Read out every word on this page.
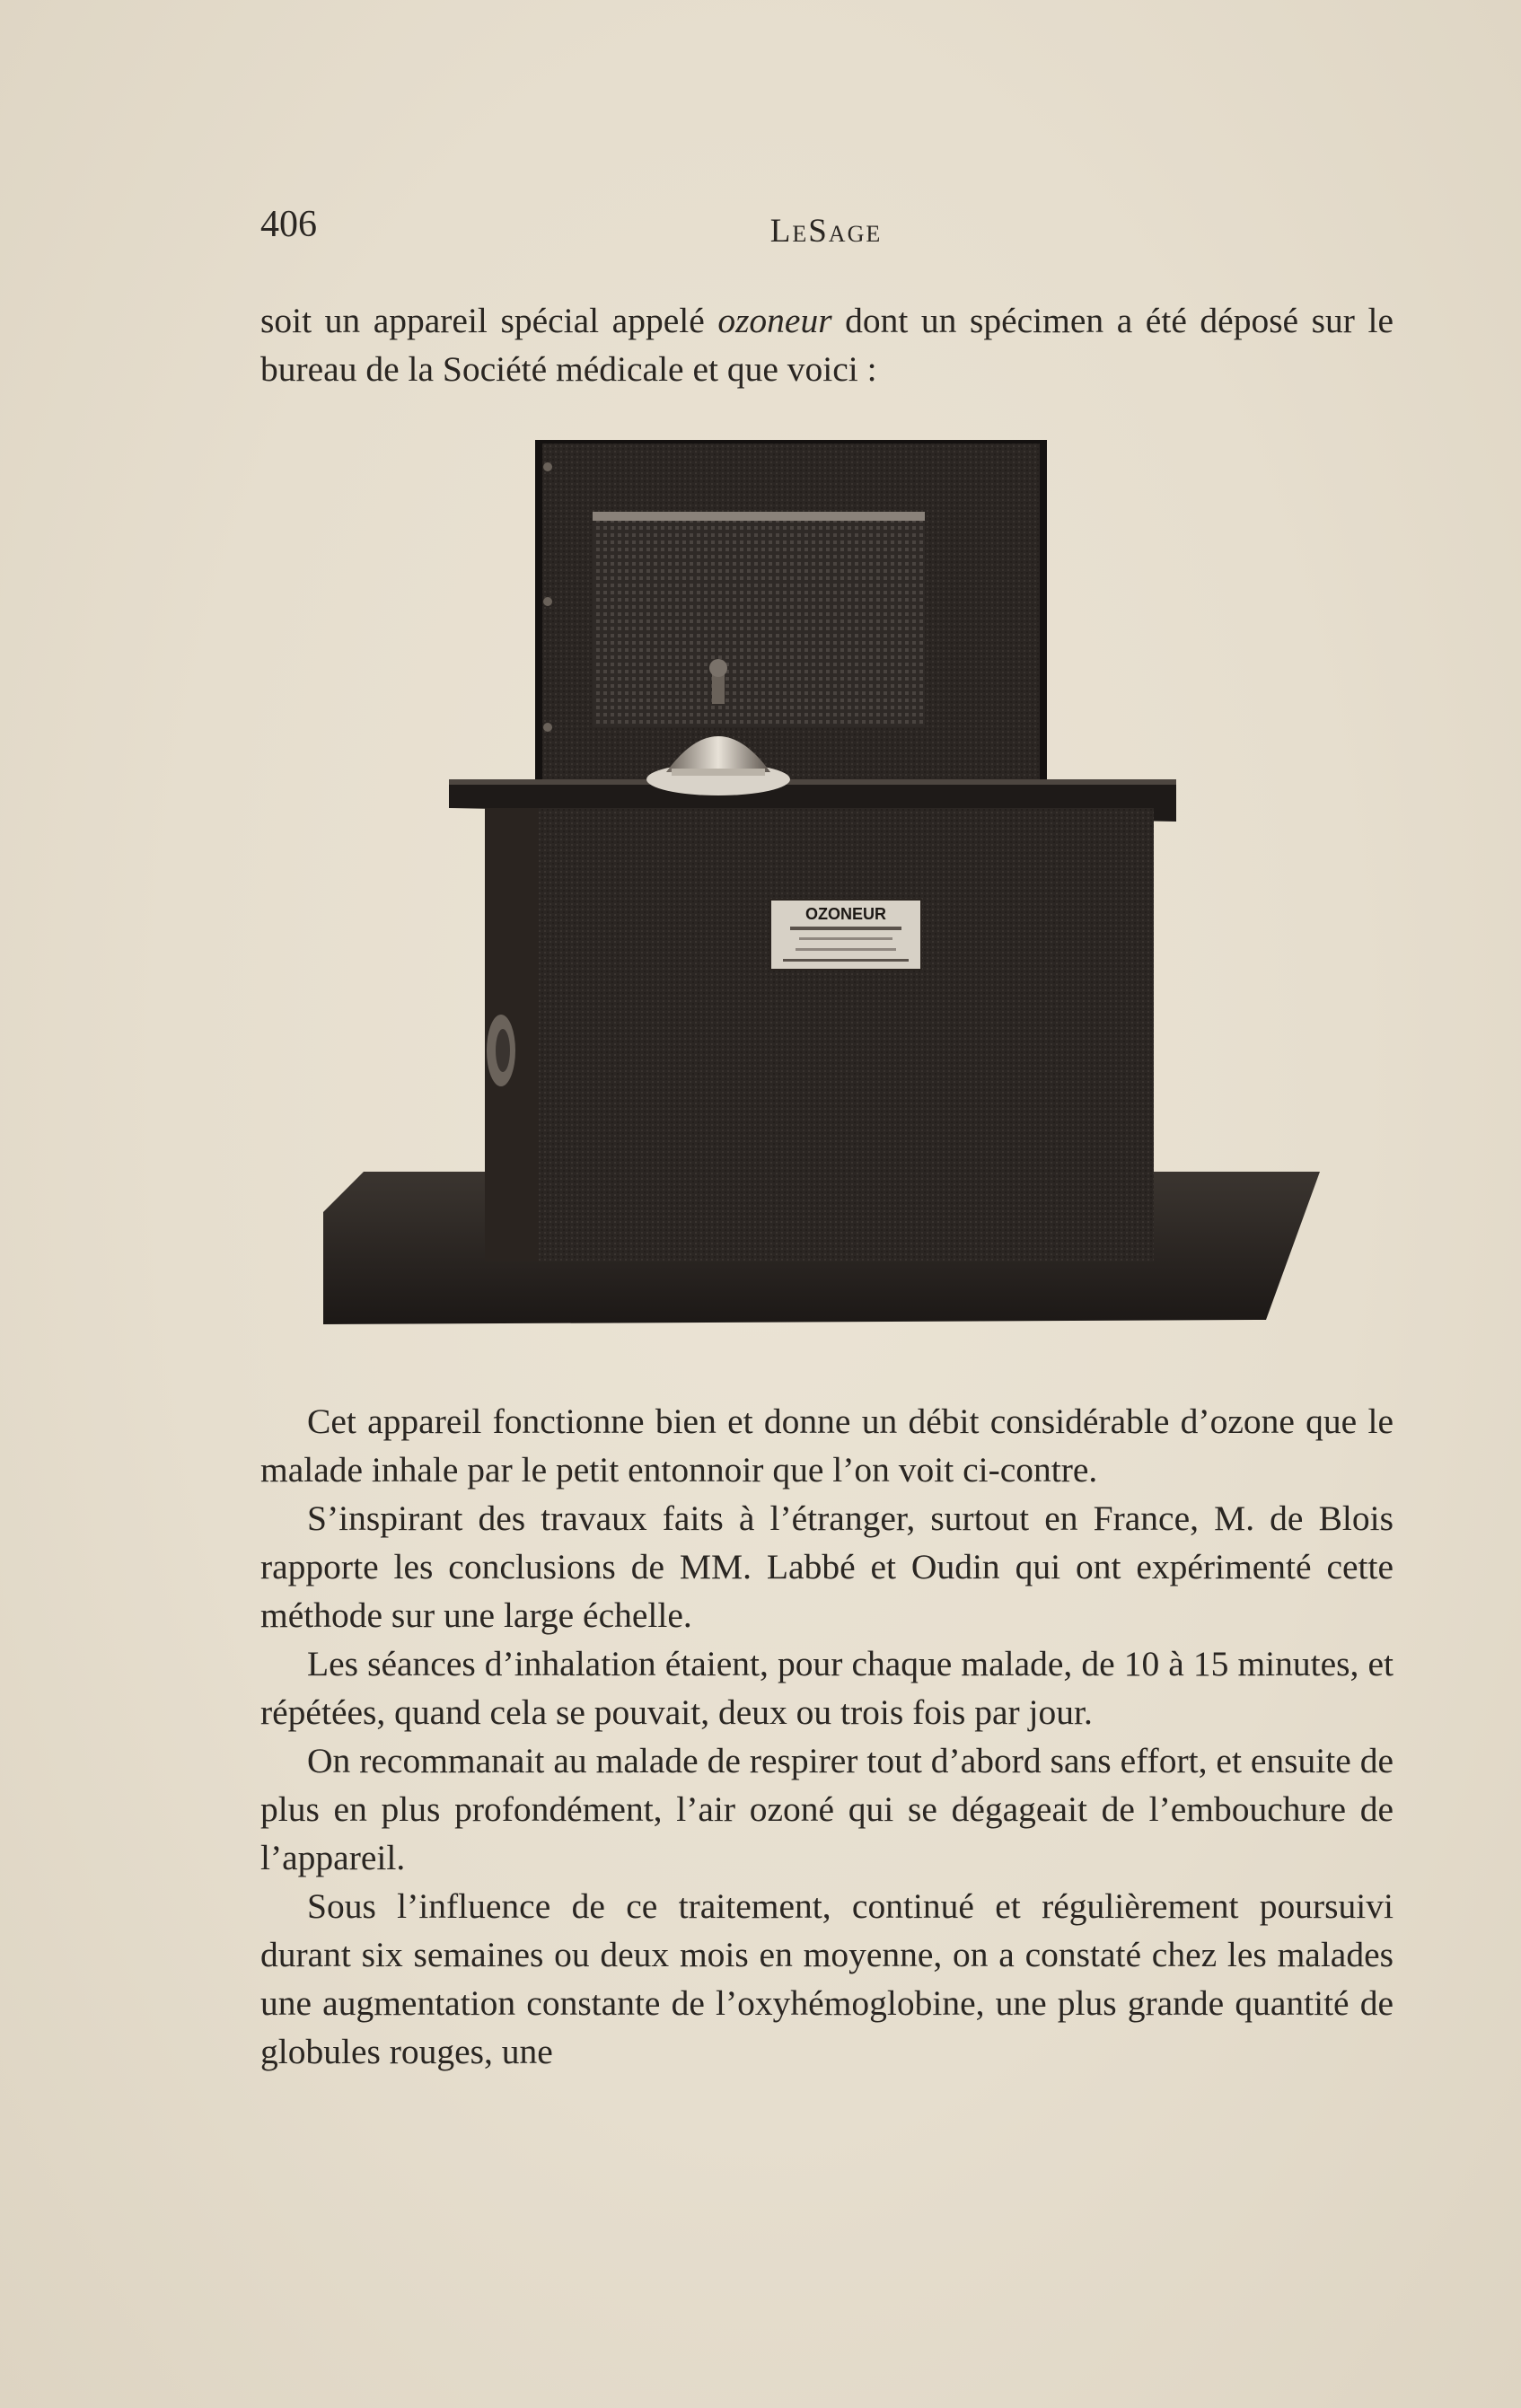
406	LeSage

soit un appareil spécial appelé ozoneur dont un spécimen a été déposé sur le bureau de la Société médicale et que voici :

OZONEUR

Cet appareil fonctionne bien et donne un débit considérable d’ozone que le malade inhale par le petit entonnoir que l’on voit ci-contre.

S’inspirant des travaux faits à l’étranger, surtout en France, M. de Blois rapporte les conclusions de MM. Labbé et Oudin qui ont expérimenté cette méthode sur une large échelle.

Les séances d’inhalation étaient, pour chaque malade, de 10 à 15 minutes, et répétées, quand cela se pouvait, deux ou trois fois par jour.

On recommanait au malade de respirer tout d’abord sans effort, et ensuite de plus en plus profondément, l’air ozoné qui se dégageait de l’embouchure de l’appareil.

Sous l’influence de ce traitement, continué et régulièrement poursuivi durant six semaines ou deux mois en moyenne, on a constaté chez les malades une augmentation constante de l’oxyhémoglobine, une plus grande quantité de globules rouges, une
